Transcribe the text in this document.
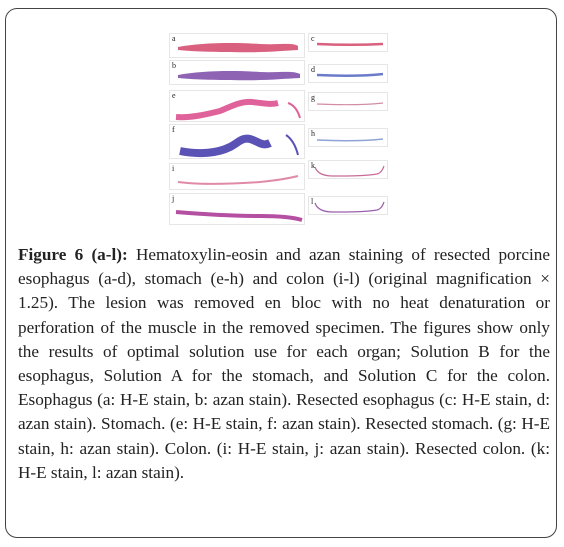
a
b
e
f
i
j
c
d
g
h
k
l
Figure 6 (a-l): Hematoxylin-eosin and azan staining of resected porcine esophagus (a-d), stomach (e-h) and colon (i-l) (original magnification × 1.25). The lesion was removed en bloc with no heat denaturation or perforation of the muscle in the removed specimen. The figures show only the results of optimal solution use for each organ; Solution B for the esophagus, Solution A for the stomach, and Solution C for the colon. Esophagus (a: H-E stain, b: azan stain). Resected esophagus (c: H-E stain, d: azan stain). Stomach. (e: H-E stain, f: azan stain). Resected stomach. (g: H-E stain, h: azan stain). Colon. (i: H-E stain, j: azan stain). Resected colon. (k: H-E stain, l: azan stain).
